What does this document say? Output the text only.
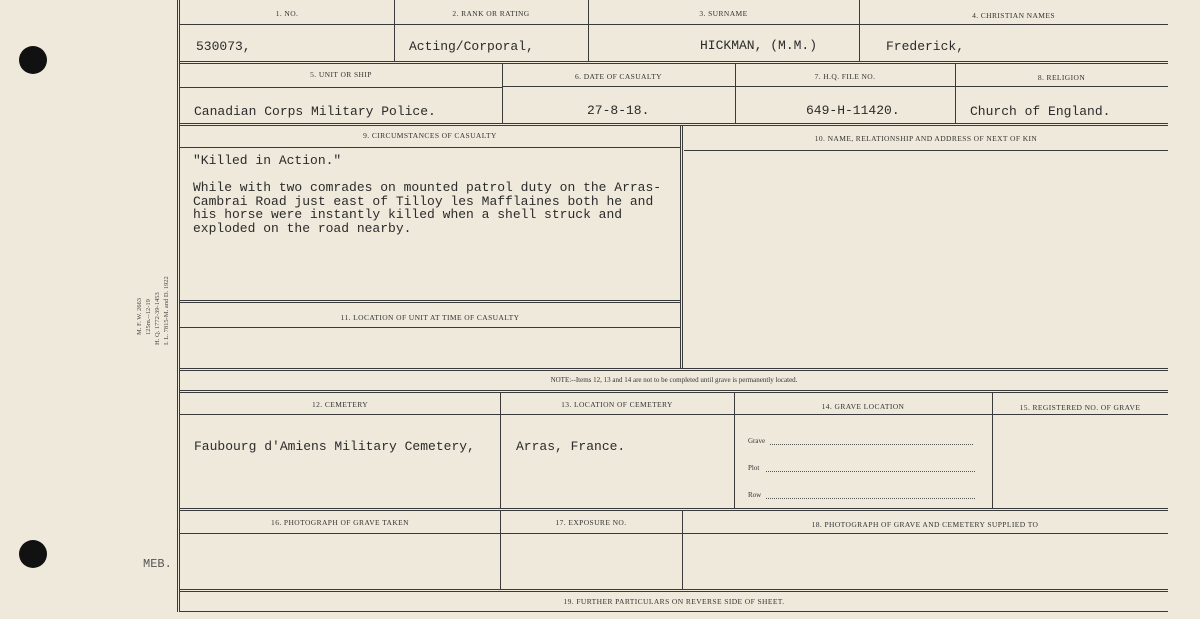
M. F. W. 2663 125m.--12-19 H. Q. 1772-39-1453 I. L. 7815-M. and D. 1922
MEB.
1. NO.	2. RANK OR RATING	3. SURNAME	4. CHRISTIAN NAMES
530073,	Acting/Corporal,	HICKMAN, (M.M.)	Frederick,
5. UNIT OR SHIP	6. DATE OF CASUALTY	7. H.Q. FILE NO.	8. RELIGION
Canadian Corps Military Police.	27-8-18.	649-H-11420.	Church of England.
9. CIRCUMSTANCES OF CASUALTY	10. NAME, RELATIONSHIP AND ADDRESS OF NEXT OF KIN
"Killed in Action."
While with two comrades on mounted patrol duty on the Arras-
Cambrai Road just east of Tilloy les Mafflaines both he and
his horse were instantly killed when a shell struck and
exploded on the road nearby.
11. LOCATION OF UNIT AT TIME OF CASUALTY
NOTE:--Items 12, 13 and 14 are not to be completed until grave is permanently located.
12. CEMETERY	13. LOCATION OF CEMETERY	14. GRAVE LOCATION	15. REGISTERED NO. OF GRAVE
Faubourg d'Amiens Military Cemetery,	Arras, France.	Grave
Plot
Row
16. PHOTOGRAPH OF GRAVE TAKEN	17. EXPOSURE NO.	18. PHOTOGRAPH OF GRAVE AND CEMETERY SUPPLIED TO
19. FURTHER PARTICULARS ON REVERSE SIDE OF SHEET.
